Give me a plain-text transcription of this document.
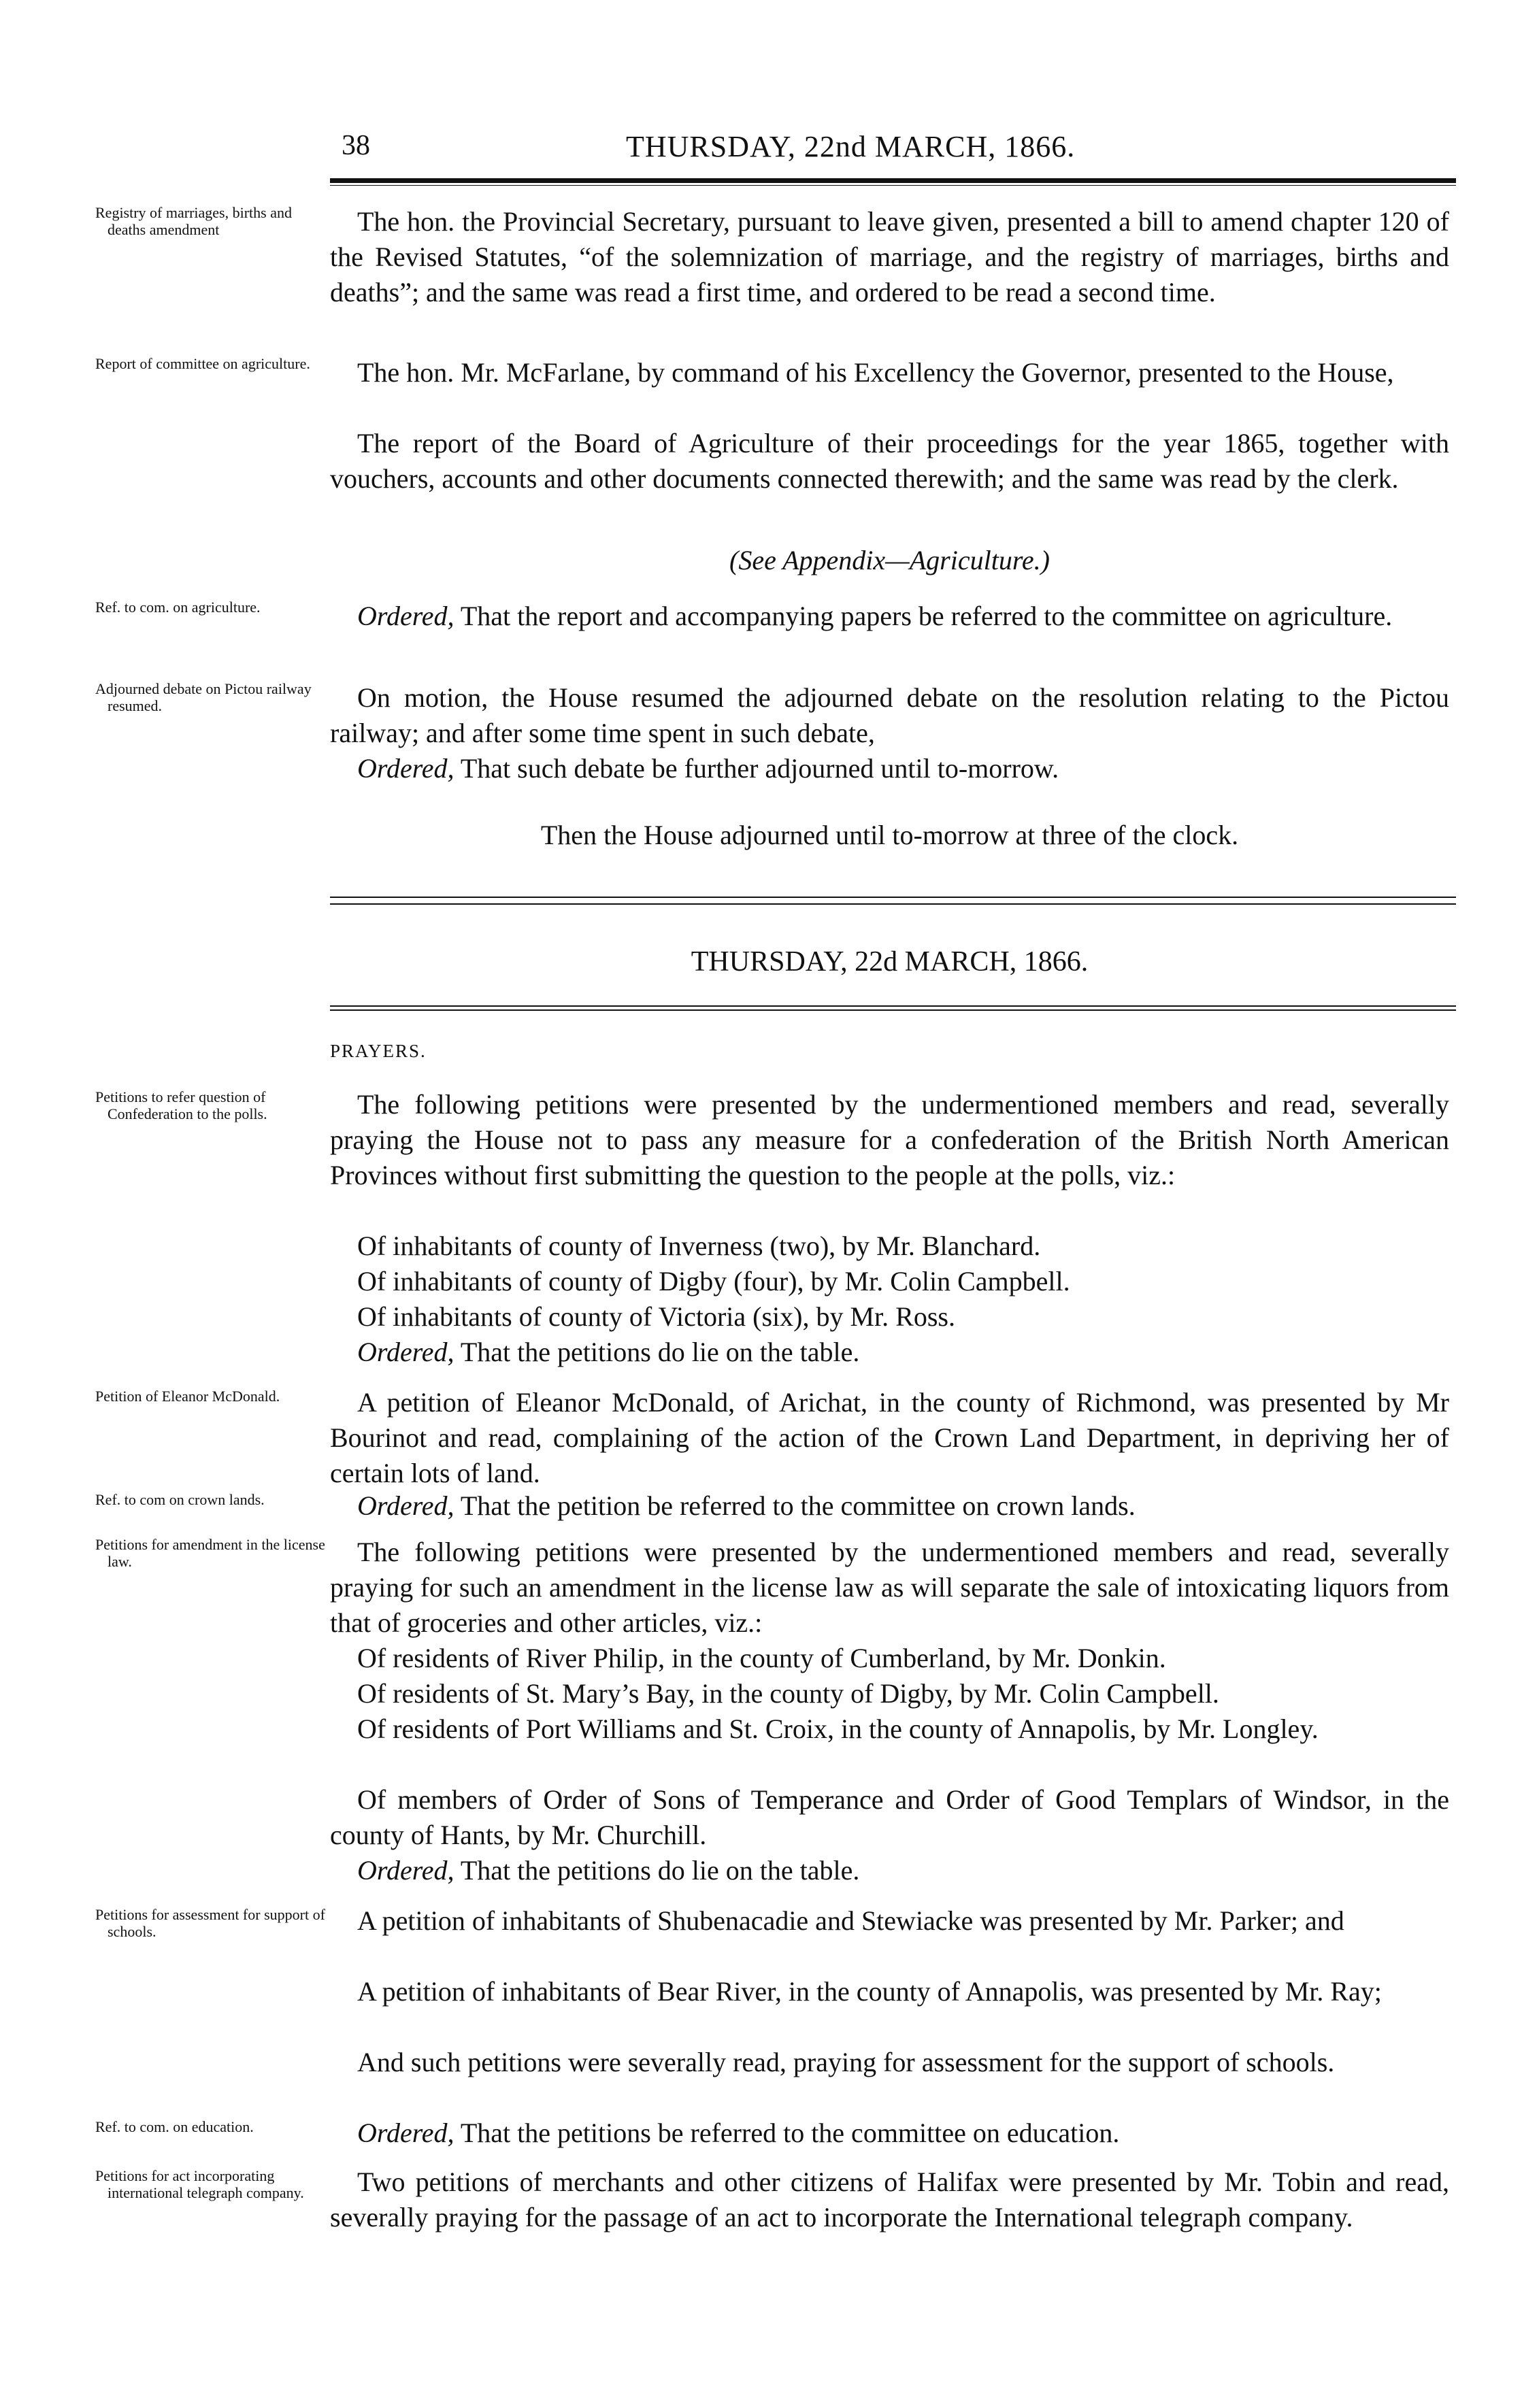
38	THURSDAY, 22nd MARCH, 1866.
Registry of marriages, births and deaths amendment	The hon. the Provincial Secretary, pursuant to leave given, presented a bill to amend chapter 120 of the Revised Statutes, “of the solemnization of marriage, and the registry of marriages, births and deaths”; and the same was read a first time, and ordered to be read a second time.
Report of committee on agriculture.	The hon. Mr. McFarlane, by command of his Excellency the Governor, presented to the House,
The report of the Board of Agriculture of their proceedings for the year 1865, together with vouchers, accounts and other documents connected therewith; and the same was read by the clerk.
(See Appendix—Agriculture.)
Ref. to com. on agriculture.	Ordered, That the report and accompanying papers be referred to the committee on agriculture.
Adjourned debate on Pictou railway resumed.	On motion, the House resumed the adjourned debate on the resolution relating to the Pictou railway; and after some time spent in such debate,
Ordered, That such debate be further adjourned until to-morrow.
Then the House adjourned until to-morrow at three of the clock.
THURSDAY, 22d MARCH, 1866.
PRAYERS.
Petitions to refer question of Confederation to the polls.	The following petitions were presented by the undermentioned members and read, severally praying the House not to pass any measure for a confederation of the British North American Provinces without first submitting the question to the people at the polls, viz.:
Of inhabitants of county of Inverness (two), by Mr. Blanchard.
Of inhabitants of county of Digby (four), by Mr. Colin Campbell.
Of inhabitants of county of Victoria (six), by Mr. Ross.
Ordered, That the petitions do lie on the table.
Petition of Eleanor McDonald.	A petition of Eleanor McDonald, of Arichat, in the county of Richmond, was presented by Mr Bourinot and read, complaining of the action of the Crown Land Department, in depriving her of certain lots of land.
Ref. to com on crown lands.	Ordered, That the petition be referred to the committee on crown lands.
Petitions for amendment in the license law.	The following petitions were presented by the undermentioned members and read, severally praying for such an amendment in the license law as will separate the sale of intoxicating liquors from that of groceries and other articles, viz.:
Of residents of River Philip, in the county of Cumberland, by Mr. Donkin.
Of residents of St. Mary’s Bay, in the county of Digby, by Mr. Colin Campbell.
Of residents of Port Williams and St. Croix, in the county of Annapolis, by Mr. Longley.
Of members of Order of Sons of Temperance and Order of Good Templars of Windsor, in the county of Hants, by Mr. Churchill.
Ordered, That the petitions do lie on the table.
Petitions for assessment for support of schools.	A petition of inhabitants of Shubenacadie and Stewiacke was presented by Mr. Parker; and
A petition of inhabitants of Bear River, in the county of Annapolis, was presented by Mr. Ray;
And such petitions were severally read, praying for assessment for the support of schools.
Ref. to com. on education.	Ordered, That the petitions be referred to the committee on education.
Petitions for act incorporating international telegraph company.	Two petitions of merchants and other citizens of Halifax were presented by Mr. Tobin and read, severally praying for the passage of an act to incorporate the International telegraph company.
